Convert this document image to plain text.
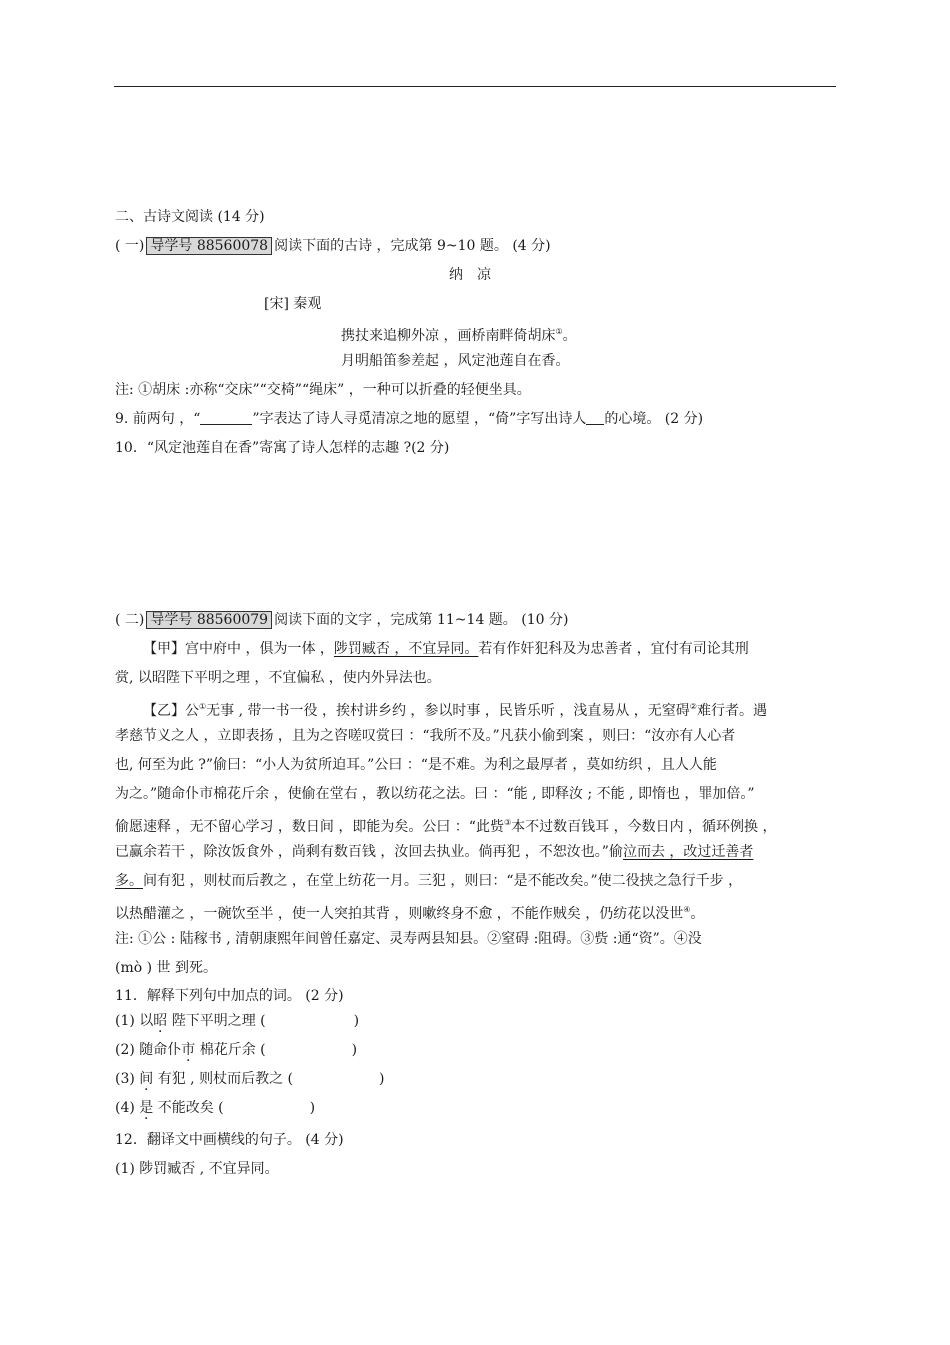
二、古诗文阅读 (14 分)
( 一) 导学号 88560078 阅读下面的古诗 ，完成第 9~10 题。 (4 分)
纳　凉
[宋] 秦观
携扙来追柳外凉 ，画桥南畔倚胡床①。
月明船笛参差起 ，风定池莲自在香。
注: ①胡床 :亦称“交床”“交椅”“绳床” ，一种可以折叠的轻便坐具。
9. 前两句 ，“	”字表达了诗人寻觅清凉之地的愿望 ，“倚”字写出诗人 的心境。 (2 分)
10．“风定池莲自在香”寄寓了诗人怎样的志趣 ?(2 分)
( 二) 导学号 88560079 阅读下面的文字 ，完成第 11~14 题。 (10 分)
【甲】宫中府中 ，俱为一体 ，陟罚臧否 ，不宜异同。若有作奸犯科及为忠善者 ，宜付有司论其刑
赏, 以昭陛下平明之理 ，不宜偏私 ，使内外异法也。
【乙】公①无事 , 带一书一役 ，挨村讲乡约 ，参以时事 ，民皆乐听 ，浅直易从 ，无窒碍②难行者。遇
孝慈节义之人 ，立即表扬 ，且为之咨嗟叹赏曰 ：“我所不及。”凡获小偷到案 ，则曰：“汝亦有人心者
也, 何至为此 ?”偷曰：“小人为贫所迫耳。”公曰 ：“是不难。为利之最厚者 ，莫如纺织 ，且人人能
为之。”随命仆市棉花斤余 ，使偷在堂右 ，教以纺花之法。曰 ：“能 , 即释汝 ; 不能 , 即惰也 ，罪加倍。”
偷愿速释 ，无不留心学习 ，数日间 ，即能为矣。公曰 ：“此赀③本不过数百钱耳 ，今数日内 ，循环例换 ，
已赢余若干 ，除汝饭食外 ，尚剩有数百钱 ，汝回去执业。倘再犯 ，不恕汝也。”偷泣而去 ，改过迁善者
多。间有犯 ，则杖而后教之 ，在堂上纺花一月。三犯 ，则曰：“是不能改矣。”使二役挟之急行千步 ，
以热醋灌之 ，一碗饮至半 ，使一人突拍其背 ，则嗽终身不愈 ，不能作贼矣 ，仍纺花以没世④。
注: ①公 : 陆稼书 , 清朝康熙年间曾任嘉定、灵寿两县知县。②窒碍 :阻碍。③赀 :通“资”。④没
(mò ) 世 到死。
11．解释下列句中加点的词。 (2 分)
(1) 以昭 陛下平明之理 (	)
(2) 随命仆市 棉花斤余 (	)
(3) 间 有犯 , 则杖而后教之 (	)
(4) 是 不能改矣 (	)
12．翻译文中画横线的句子。 (4 分)
(1) 陟罚臧否 , 不宜异同。
